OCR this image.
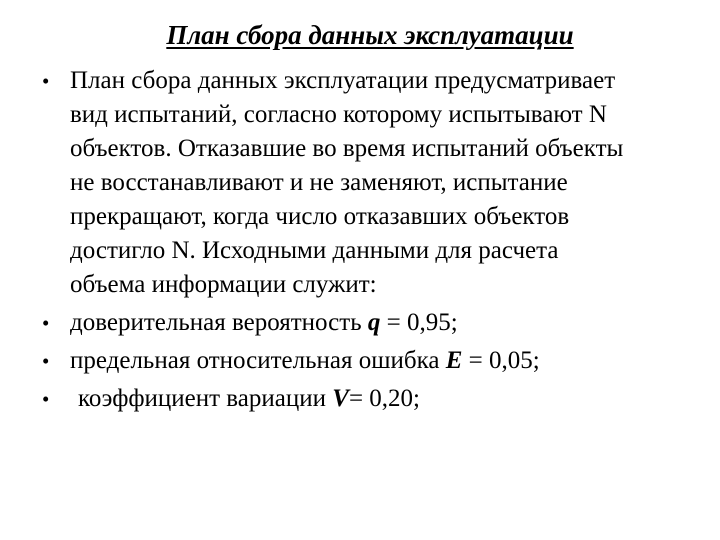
План сбора данных эксплуатации
• План сбора данных эксплуатации предусматривает
вид испытаний, согласно которому испытывают N
объектов. Отказавшие во время испытаний объекты
не восстанавливают и не заменяют, испытание
прекращают, когда число отказавших объектов
достигло N. Исходными данными для расчета
объема информации служит:
• доверительная вероятность q = 0,95;
• предельная относительная ошибка E = 0,05;
• коэффициент вариации V= 0,20;
